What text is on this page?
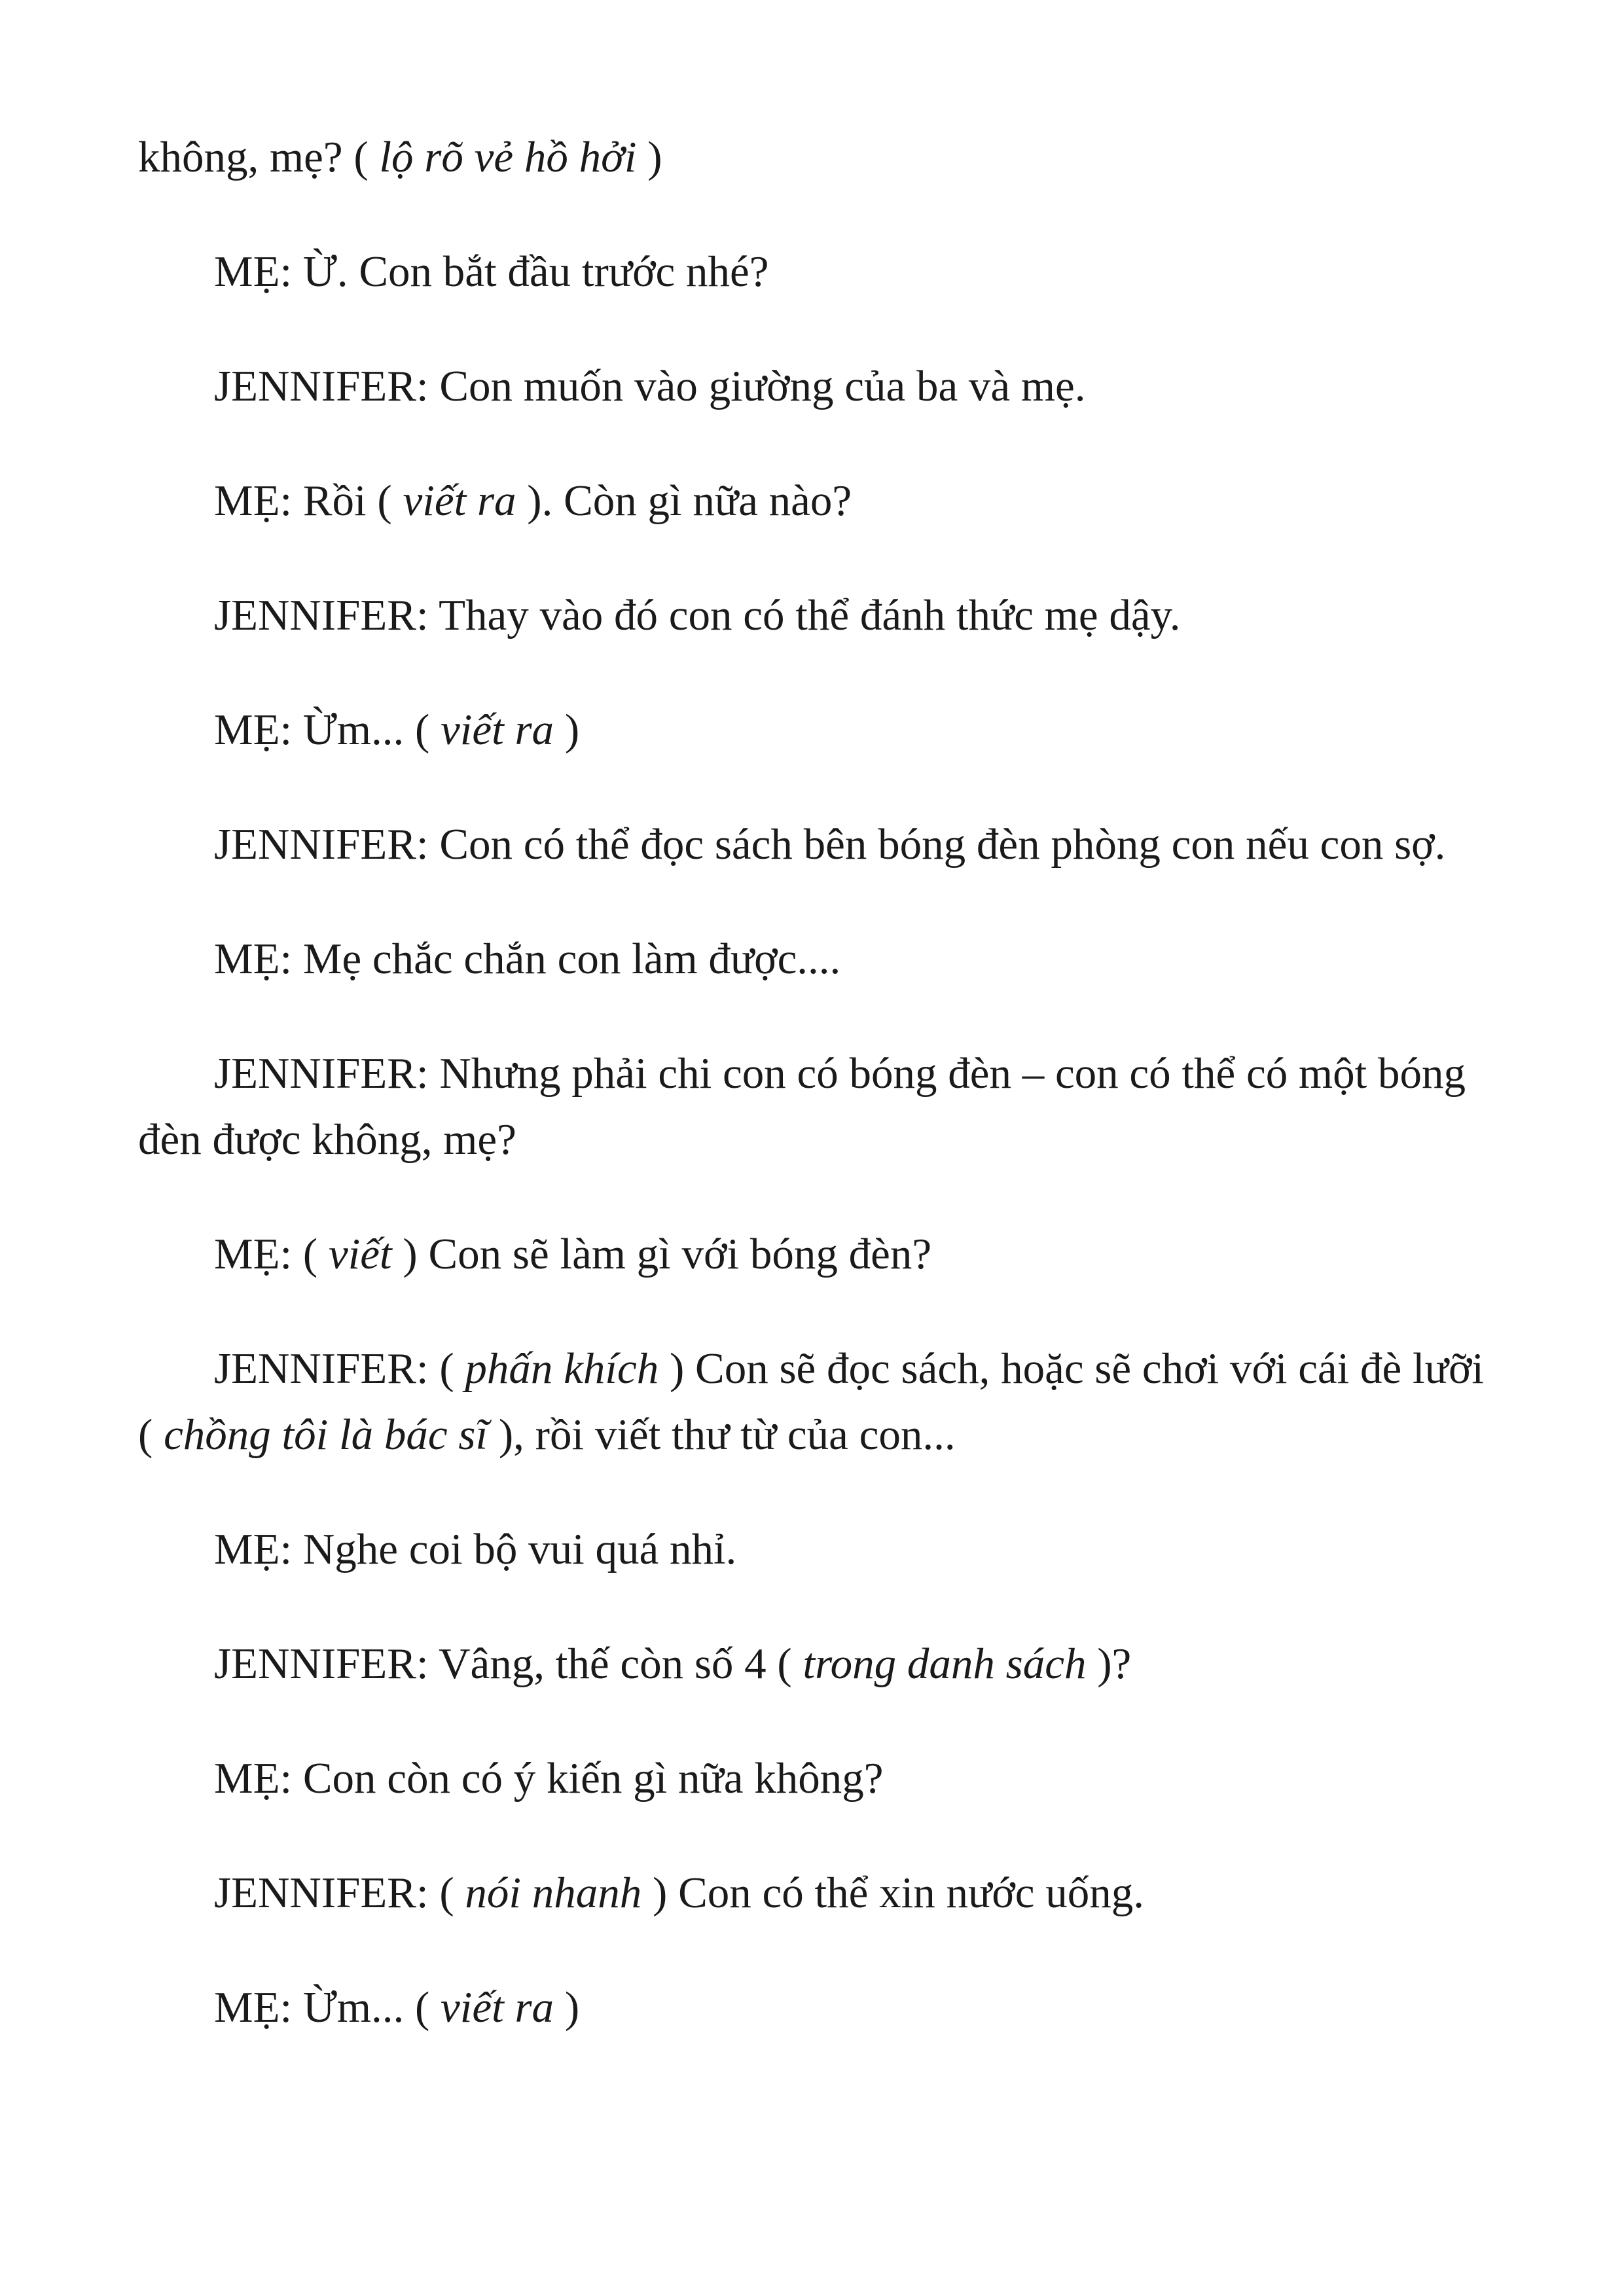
không, mẹ? ( lộ rõ vẻ hồ hởi )

MẸ: Ừ. Con bắt đầu trước nhé?

JENNIFER: Con muốn vào giường của ba và mẹ.

MẸ: Rồi ( viết ra ). Còn gì nữa nào?

JENNIFER: Thay vào đó con có thể đánh thức mẹ dậy.

MẸ: Ừm... ( viết ra )

JENNIFER: Con có thể đọc sách bên bóng đèn phòng con nếu con sợ.

MẸ: Mẹ chắc chắn con làm được....

JENNIFER: Nhưng phải chi con có bóng đèn – con có thể có một bóng đèn được không, mẹ?

MẸ: ( viết ) Con sẽ làm gì với bóng đèn?

JENNIFER: ( phấn khích ) Con sẽ đọc sách, hoặc sẽ chơi với cái đè lưỡi ( chồng tôi là bác sĩ ), rồi viết thư từ của con...

MẸ: Nghe coi bộ vui quá nhỉ.

JENNIFER: Vâng, thế còn số 4 ( trong danh sách )?

MẸ: Con còn có ý kiến gì nữa không?

JENNIFER: ( nói nhanh ) Con có thể xin nước uống.

MẸ: Ừm... ( viết ra )
